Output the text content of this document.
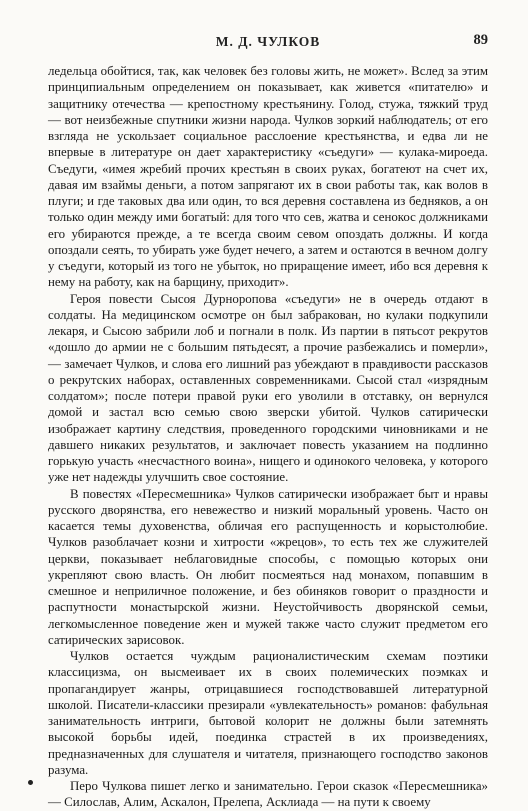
М. Д. ЧУЛКОВ	89

ледельца обойтися, так, как человек без головы жить, не может». Вслед за этим принципиальным определением он показывает, как живется «питателю» и защитнику отечества — крепостному крестьянину. Голод, стужа, тяжкий труд — вот неизбежные спутники жизни народа. Чулков зоркий наблюдатель; от его взгляда не ускользает социальное расслоение крестьянства, и едва ли не впервые в литературе он дает характеристику «съедуги» — кулака-мироеда. Съедуги, «имея жребий прочих крестьян в своих руках, богатеют на счет их, давая им взаймы деньги, а потом запрягают их в свои работы так, как волов в плуги; и где таковых два или один, то вся деревня составлена из бедняков, а он только один между ими богатый: для того что сев, жатва и сенокос должниками его убираются прежде, а те всегда своим севом опоздать должны. И когда опоздали сеять, то убирать уже будет нечего, а затем и остаются в вечном долгу у съедуги, который из того не убыток, но приращение имеет, ибо вся деревня к нему на работу, как на барщину, приходит».

Героя повести Сысоя Дурноропова «съедуги» не в очередь отдают в солдаты. На медицинском осмотре он был забракован, но кулаки подкупили лекаря, и Сысою забрили лоб и погнали в полк. Из партии в пятьсот рекрутов «дошло до армии не с большим пятьдесят, а прочие разбежались и померли», — замечает Чулков, и слова его лишний раз убеждают в правдивости рассказов о рекрутских наборах, оставленных современниками. Сысой стал «изрядным солдатом»; после потери правой руки его уволили в отставку, он вернулся домой и застал всю семью свою зверски убитой. Чулков сатирически изображает картину следствия, проведенного городскими чиновниками и не давшего никаких результатов, и заключает повесть указанием на подлинно горькую участь «несчастного воина», нищего и одинокого человека, у которого уже нет надежды улучшить свое состояние.

В повестях «Пересмешника» Чулков сатирически изображает быт и нравы русского дворянства, его невежество и низкий моральный уровень. Часто он касается темы духовенства, обличая его распущенность и корыстолюбие. Чулков разоблачает козни и хитрости «жрецов», то есть тех же служителей церкви, показывает неблаговидные способы, с помощью которых они укрепляют свою власть. Он любит посмеяться над монахом, попавшим в смешное и неприличное положение, и без обиняков говорит о праздности и распутности монастырской жизни. Неустойчивость дворянской семьи, легкомысленное поведение жен и мужей также часто служит предметом его сатирических зарисовок.

Чулков остается чуждым рационалистическим схемам поэтики классицизма, он высмеивает их в своих полемических поэмках и пропагандирует жанры, отрицавшиеся господствовавшей литературной школой. Писатели-классики презирали «увлекательность» романов: фабульная занимательность интриги, бытовой колорит не должны были затемнять высокой борьбы идей, поединка страстей в их произведениях, предназначенных для слушателя и читателя, признающего господство законов разума.

Перо Чулкова пишет легко и занимательно. Герои сказок «Пересмешника» — Силослав, Алим, Аскалон, Прелепа, Асклиада — на пути к своему
